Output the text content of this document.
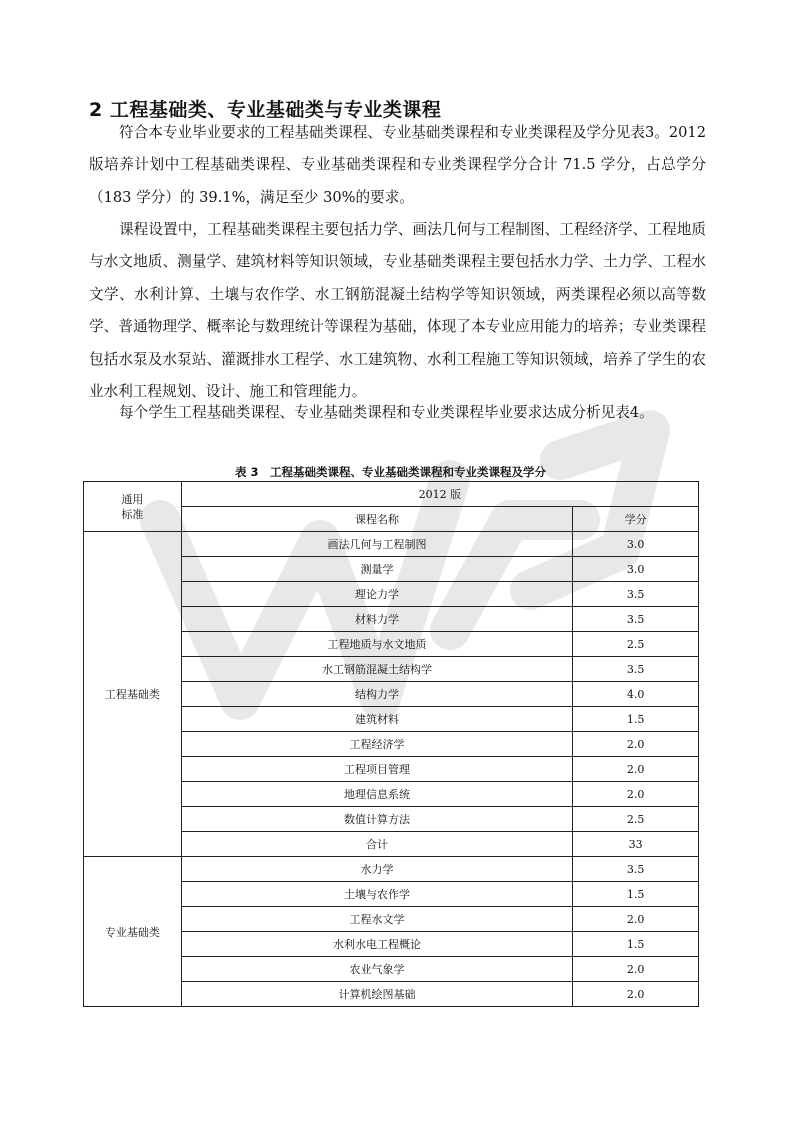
2 工程基础类、专业基础类与专业类课程

符合本专业毕业要求的工程基础类课程、专业基础类课程和专业类课程及学分见表3。2012 版培养计划中工程基础类课程、专业基础类课程和专业类课程学分合计 71.5 学分，占总学分（183 学分）的 39.1%，满足至少 30%的要求。

课程设置中，工程基础类课程主要包括力学、画法几何与工程制图、工程经济学、工程地质与水文地质、测量学、建筑材料等知识领域，专业基础类课程主要包括水力学、土力学、工程水文学、水利计算、土壤与农作学、水工钢筋混凝土结构学等知识领域，两类课程必须以高等数学、普通物理学、概率论与数理统计等课程为基础，体现了本专业应用能力的培养；专业类课程包括水泵及水泵站、灌溉排水工程学、水工建筑物、水利工程施工等知识领域，培养了学生的农业水利工程规划、设计、施工和管理能力。

每个学生工程基础类课程、专业基础类课程和专业类课程毕业要求达成分析见表4。

表 3　工程基础类课程、专业基础类课程和专业类课程及学分

通用
标准	2012 版	
	课程名称	学分
工程基础类	画法几何与工程制图	3.0
	测量学	3.0
	理论力学	3.5
	材料力学	3.5
	工程地质与水文地质	2.5
	水工钢筋混凝土结构学	3.5
	结构力学	4.0
	建筑材料	1.5
	工程经济学	2.0
	工程项目管理	2.0
	地理信息系统	2.0
	数值计算方法	2.5
	合计	33
专业基础类	水力学	3.5
	土壤与农作学	1.5
	工程水文学	2.0
	水利水电工程概论	1.5
	农业气象学	2.0
	计算机绘图基础	2.0
